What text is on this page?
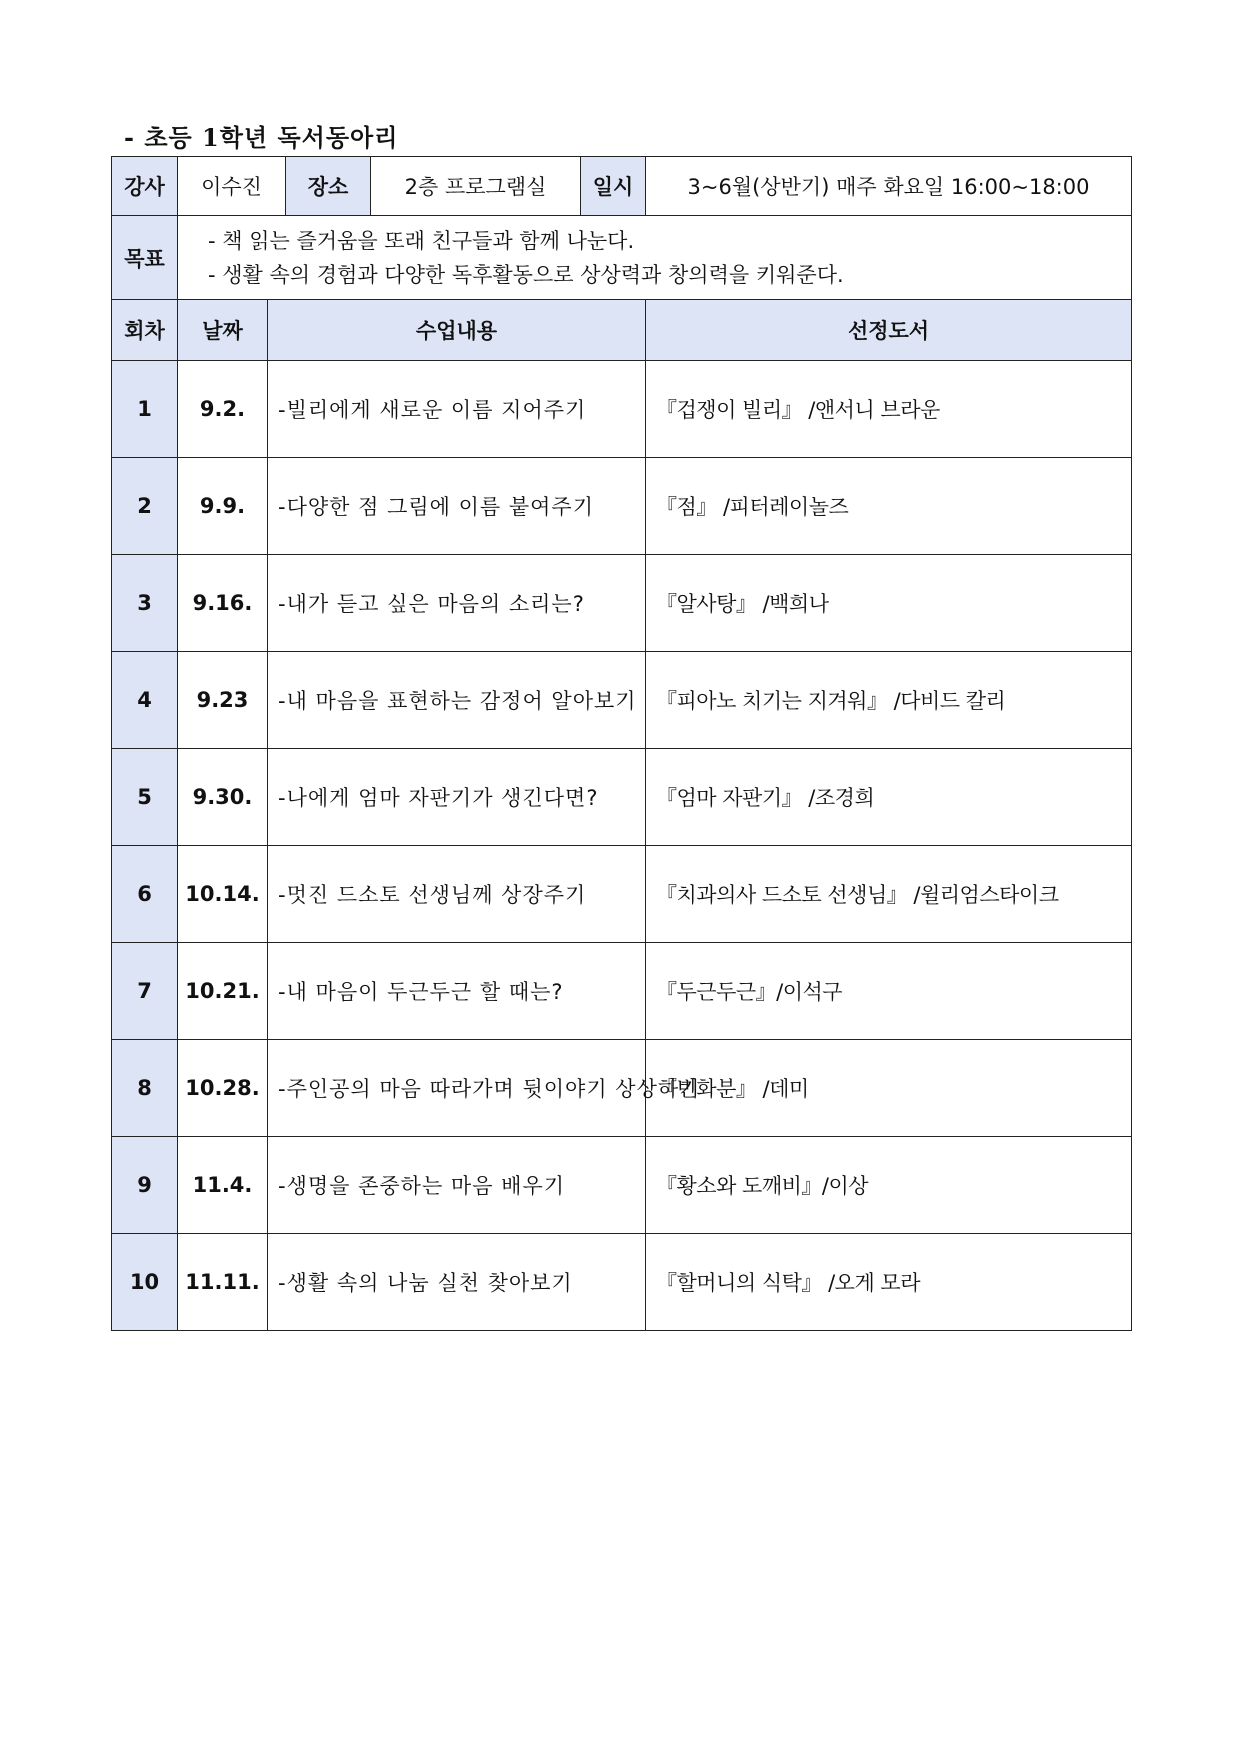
- 초등 1학년 독서동아리
강사	이수진		장소	2층 프로그램실	일시	3~6월(상반기) 매주 화요일 16:00~18:00
목표	- 책 읽는 즐거움을 또래 친구들과 함께 나눈다.
- 생활 속의 경험과 다양한 독후활동으로 상상력과 창의력을 키워준다.					

회차	날짜	수업내용				선정도서
1	9.2.	-빌리에게 새로운 이름 지어주기				『겁쟁이 빌리』 /앤서니 브라운
2	9.9.	-다양한 점 그림에 이름 붙여주기				『점』 /피터레이놀즈
3	9.16.	-내가 듣고 싶은 마음의 소리는?				『알사탕』 /백희나
4	9.23	-내 마음을 표현하는 감정어 알아보기				『피아노 치기는 지겨워』 /다비드 칼리
5	9.30.	-나에게 엄마 자판기가 생긴다면?				『엄마 자판기』 /조경희
6	10.14.	-멋진 드소토 선생님께 상장주기				『치과의사 드소토 선생님』 /윌리엄스타이크
7	10.21.	-내 마음이 두근두근 할 때는?				『두근두근』/이석구
8	10.28.	-주인공의 마음 따라가며 뒷이야기 상상하기				『빈화분』 /데미
9	11.4.	-생명을 존중하는 마음 배우기				『황소와 도깨비』/이상
10	11.11.	-생활 속의 나눔 실천 찾아보기				『할머니의 식탁』 /오게 모라
